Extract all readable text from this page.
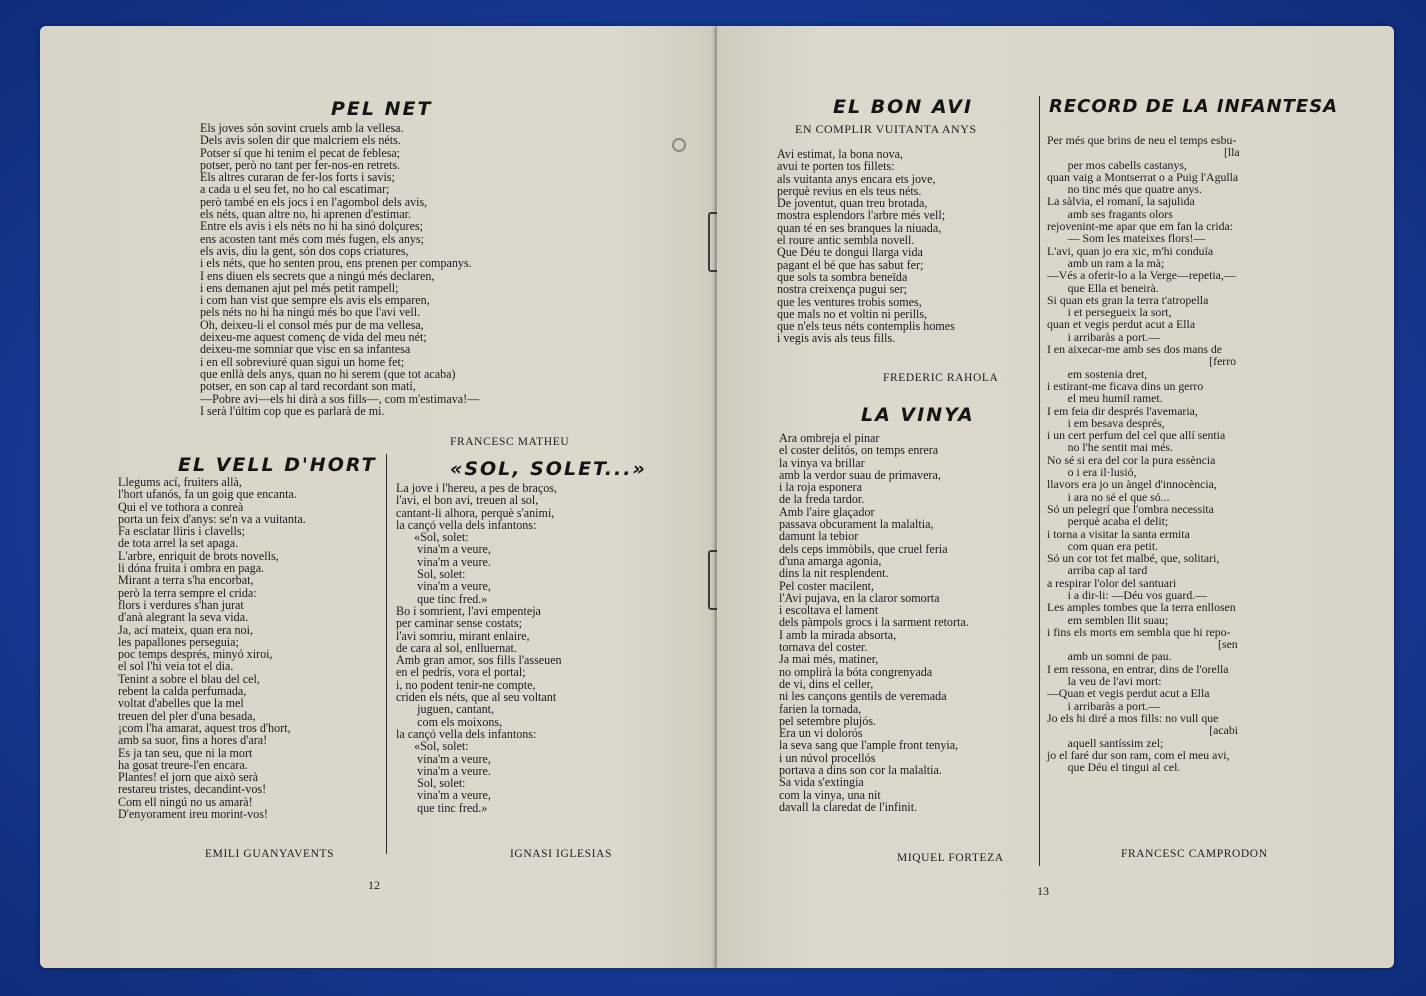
PEL NET
Els joves són sovint cruels amb la vellesa.
Dels avis solen dir que malcriem els néts.
Potser sí que hi tenim el pecat de feblesa;
potser, però no tant per fer-nos-en retrets.
Els altres curaran de fer-los forts i savis;
a cada u el seu fet, no ho cal escatimar;
però també en els jocs i en l'agombol dels avis,
els néts, quan altre no, hi aprenen d'estimar.
Entre els avis i els néts no hi ha sinó dolçures;
ens acosten tant més com més fugen, els anys;
els avis, diu la gent, són dos cops criatures,
i els néts, que ho senten prou, ens prenen per companys.
I ens diuen els secrets que a ningú més declaren,
i ens demanen ajut pel més petit rampell;
i com han vist que sempre els avis els emparen,
pels néts no hi ha ningú més bo que l'avi vell.
Oh, deixeu-li el consol més pur de ma vellesa,
deixeu-me aquest començ de vida del meu nét;
deixeu-me somniar que visc en sa infantesa
i en ell sobreviuré quan sigui un home fet;
que enllà dels anys, quan no hi serem (que tot acaba)
potser, en son cap al tard recordant son matí,
—Pobre avi—els hi dirà a sos fills—, com m'estimava!—
I serà l'últim cop que es parlarà de mi.
FRANCESC MATHEU
EL VELL D'HORT
Llegums ací, fruiters allà,
l'hort ufanós, fa un goig que encanta.
Qui el ve tothora a conreà
porta un feix d'anys: se'n va a vuitanta.
Fa esclatar lliris i clavells;
de tota arrel la set apaga.
L'arbre, enriquit de brots novells,
li dóna fruita i ombra en paga.
Mirant a terra s'ha encorbat,
però la terra sempre el crida:
flors i verdures s'han jurat
d'anà alegrant la seva vida.
Ja, ací mateix, quan era noi,
les papallones perseguia;
poc temps després, minyó xiroi,
el sol l'hi veia tot el dia.
Tenint a sobre el blau del cel,
rebent la calda perfumada,
voltat d'abelles que la mel
treuen del pler d'una besada,
¡com l'ha amarat, aquest tros d'hort,
amb sa suor, fins a hores d'ara!
Es ja tan seu, que ni la mort
ha gosat treure-l'en encara.
Plantes! el jorn que això serà
restareu tristes, decandint-vos!
Com ell ningú no us amarà!
D'enyorament ireu morint-vos!
EMILI GUANYAVENTS
«SOL, SOLET...»
La jove i l'hereu, a pes de braços,
l'avi, el bon avi, treuen al sol,
cantant-li alhora, perquè s'animi,
la cançó vella dels infantons:
«Sol, solet:
vina'm a veure,
vina'm a veure.
Sol, solet:
vina'm a veure,
que tinc fred.»
Bo i somrient, l'avi empenteja
per caminar sense costats;
l'avi somriu, mirant enlaire,
de cara al sol, enlluernat.
Amb gran amor, sos fills l'asseuen
en el pedrís, vora el portal;
i, no podent tenir-ne compte,
criden els néts, que al seu voltant
juguen, cantant,
com els moixons,
la cançó vella dels infantons:
«Sol, solet:
vina'm a veure,
vina'm a veure.
Sol, solet:
vina'm a veure,
que tinc fred.»
IGNASI IGLESIAS
12
EL BON AVI
EN COMPLIR VUITANTA ANYS
Avi estimat, la bona nova,
avui te porten tos fillets:
als vuitanta anys encara ets jove,
perquè revius en els teus néts.
De joventut, quan treu brotada,
mostra esplendors l'arbre més vell;
quan té en ses branques la niuada,
el roure antic sembla novell.
Que Déu te dongui llarga vida
pagant el bé que has sabut fer;
que sols ta sombra beneïda
nostra creixença pugui ser;
que les ventures trobis somes,
que mals no et voltin ni perills,
que n'els teus néts contemplis homes
i vegis avis als teus fills.
FREDERIC RAHOLA
LA VINYA
Ara ombreja el pinar
el coster delitós, on temps enrera
la vinya va brillar
amb la verdor suau de primavera,
i la roja esponera
de la freda tardor.
Amb l'aire glaçador
passava obcurament la malaltia,
damunt la tebior
dels ceps immòbils, que cruel feria
d'una amarga agonia,
dins la nit resplendent.
Pel coster macilent,
l'Avi pujava, en la claror somorta
i escoltava el lament
dels pàmpols grocs i la sarment retorta.
I amb la mirada absorta,
tornava del coster.
Ja mai més, matiner,
no omplirà la bóta congrenyada
de vi, dins el celler,
ni les cançons gentils de veremada
farien la tornada,
pel setembre plujós.
Era un vi dolorós
la seva sang que l'ample front tenyia,
i un núvol procellós
portava a dins son cor la malaltia.
Sa vida s'extingia
com la vinya, una nit
davall la claredat de l'infinit.
MIQUEL FORTEZA
RECORD DE LA INFANTESA
Per més que brins de neu el temps esbu-
[lla
per mos cabells castanys,
quan vaig a Montserrat o a Puig l'Agulla
no tinc més que quatre anys.
La sàlvia, el romaní, la sajulida
amb ses fragants olors
rejovenint-me apar que em fan la crida:
— Som les mateixes flors!—
L'avi, quan jo era xic, m'hi conduïa
amb un ram a la mà;
—Vés a oferir-lo a la Verge—repetia,—
que Ella et beneirà.
Si quan ets gran la terra t'atropella
i et persegueix la sort,
quan et vegis perdut acut a Ella
i arribaràs a port.—
I en aixecar-me amb ses dos mans de
[ferro
em sostenia dret,
i estirant-me ficava dins un gerro
el meu humil ramet.
I em feia dir després l'avemaria,
i em besava després,
i un cert perfum del cel que allí sentia
no l'he sentit mai més.
No sé si era del cor la pura essència
o i era il·lusió,
llavors era jo un àngel d'innocència,
i ara no sé el que só...
Só un pelegrí que l'ombra necessita
perquè acaba el delit;
i torna a visitar la santa ermita
com quan era petit.
Só un cor tot fet malbé, que, solitari,
arriba cap al tard
a respirar l'olor del santuari
i a dir-li: —Déu vos guard.—
Les amples tombes que la terra enllosen
em semblen llit suau;
i fins els morts em sembla que hi repo-
[sen
amb un somni de pau.
I em ressona, en entrar, dins de l'orella
la veu de l'avi mort:
—Quan et vegis perdut acut a Ella
i arribaràs a port.—
Jo els hi diré a mos fills: no vull que
[acabi
aquell santíssim zel;
jo el faré dur son ram, com el meu avi,
que Déu el tingui al cel.
FRANCESC CAMPRODON
13
